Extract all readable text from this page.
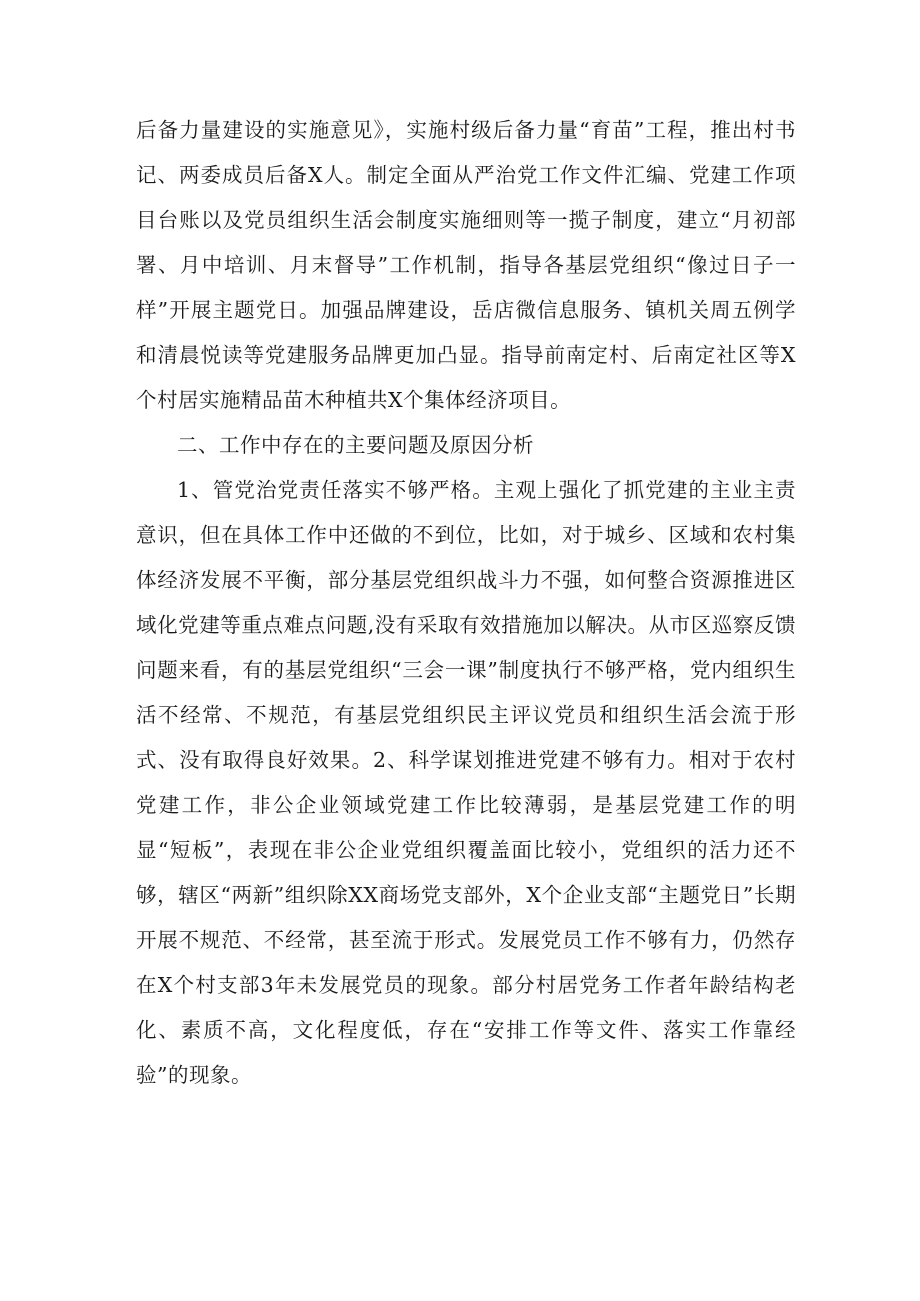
后备力量建设的实施意见》，实施村级后备力量“育苗”工程，推出村书记、两委成员后备X人。制定全面从严治党工作文件汇编、党建工作项目台账以及党员组织生活会制度实施细则等一揽子制度，建立“月初部署、月中培训、月末督导”工作机制，指导各基层党组织“像过日子一样”开展主题党日。加强品牌建设，岳店微信息服务、镇机关周五例学和清晨悦读等党建服务品牌更加凸显。指导前南定村、后南定社区等X个村居实施精品苗木种植共X个集体经济项目。

二、工作中存在的主要问题及原因分析

1、管党治党责任落实不够严格。主观上强化了抓党建的主业主责意识，但在具体工作中还做的不到位，比如，对于城乡、区域和农村集体经济发展不平衡，部分基层党组织战斗力不强，如何整合资源推进区域化党建等重点难点问题,没有采取有效措施加以解决。从市区巡察反馈问题来看，有的基层党组织“三会一课”制度执行不够严格，党内组织生活不经常、不规范，有基层党组织民主评议党员和组织生活会流于形式、没有取得良好效果。2、科学谋划推进党建不够有力。相对于农村党建工作，非公企业领域党建工作比较薄弱，是基层党建工作的明显“短板”，表现在非公企业党组织覆盖面比较小，党组织的活力还不够，辖区“两新”组织除XX商场党支部外，X个企业支部“主题党日”长期开展不规范、不经常，甚至流于形式。发展党员工作不够有力，仍然存在X个村支部3年未发展党员的现象。部分村居党务工作者年龄结构老化、素质不高，文化程度低，存在“安排工作等文件、落实工作靠经验”的现象。
